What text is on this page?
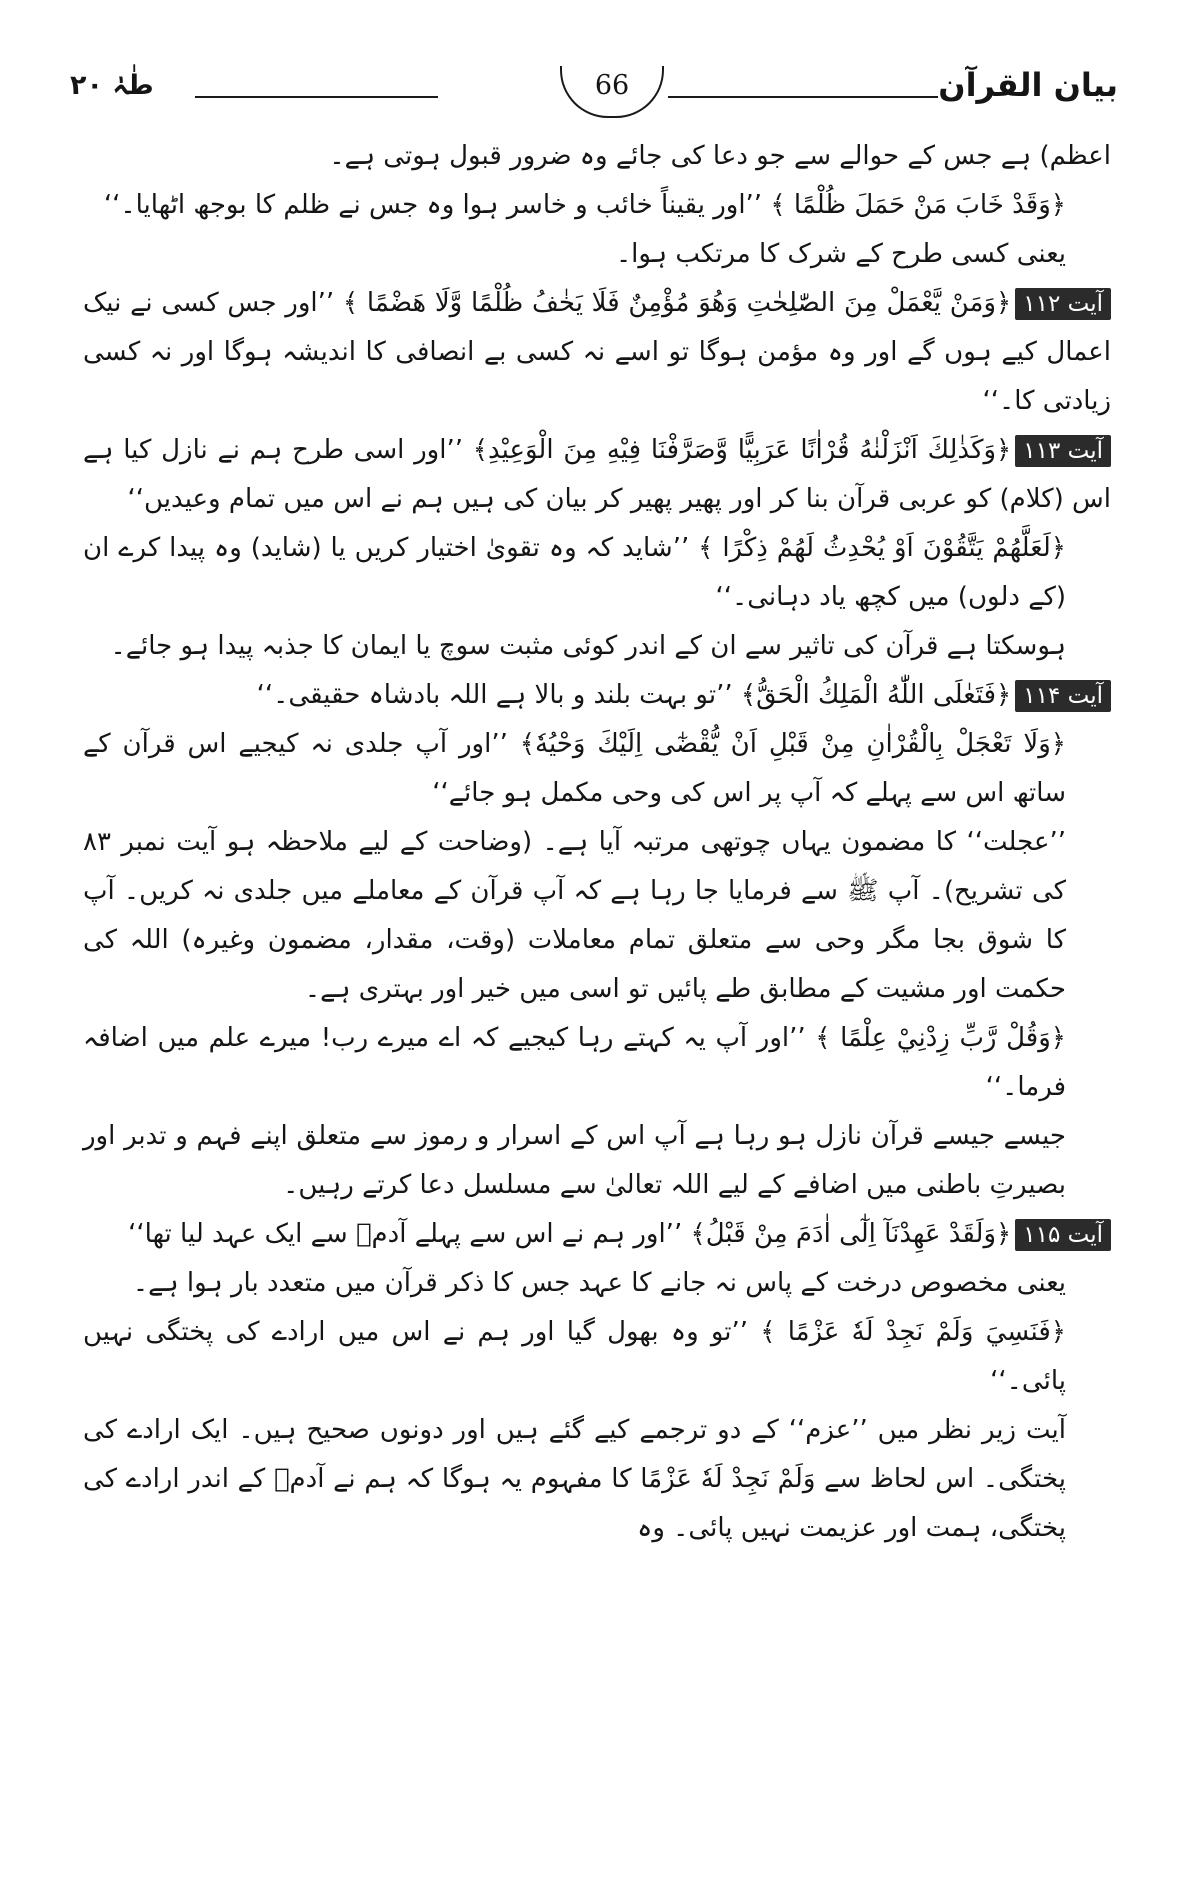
طٰہٰ ۲۰	66	بیان القرآن

اعظم) ہے جس کے حوالے سے جو دعا کی جائے وہ ضرور قبول ہوتی ہے۔

﴿وَقَدْ خَابَ مَنْ حَمَلَ ظُلْمًا ﴾ ’’اور یقیناً خائب و خاسر ہوا وہ جس نے ظلم کا بوجھ اٹھایا۔‘‘

یعنی کسی طرح کے شرک کا مرتکب ہوا۔

آیت ۱۱۲﴿وَمَنْ يَّعْمَلْ مِنَ الصّٰلِحٰتِ وَهُوَ مُؤْمِنٌ فَلَا يَخٰفُ ظُلْمًا وَّلَا هَضْمًا ﴾ ’’اور جس کسی نے نیک اعمال کیے ہوں گے اور وہ مؤمن ہوگا تو اسے نہ کسی بے انصافی کا اندیشہ ہوگا اور نہ کسی زیادتی کا۔‘‘

آیت ۱۱۳﴿وَكَذٰلِكَ اَنْزَلْنٰهُ قُرْاٰنًا عَرَبِيًّا وَّصَرَّفْنَا فِيْهِ مِنَ الْوَعِيْدِ﴾ ’’اور اسی طرح ہم نے نازل کیا ہے اس (کلام) کو عربی قرآن بنا کر اور پھیر پھیر کر بیان کی ہیں ہم نے اس میں تمام وعیدیں‘‘

﴿لَعَلَّهُمْ يَتَّقُوْنَ اَوْ يُحْدِثُ لَهُمْ ذِكْرًا ﴾ ’’شاید کہ وہ تقویٰ اختیار کریں یا (شاید) وہ پیدا کرے ان (کے دلوں) میں کچھ یاد دہانی۔‘‘

ہوسکتا ہے قرآن کی تاثیر سے ان کے اندر کوئی مثبت سوچ یا ایمان کا جذبہ پیدا ہو جائے۔

آیت ۱۱۴﴿فَتَعٰلَى اللّٰهُ الْمَلِكُ الْحَقُّ﴾ ’’تو بہت بلند و بالا ہے اللہ بادشاہ حقیقی۔‘‘

﴿وَلَا تَعْجَلْ بِالْقُرْاٰنِ مِنْ قَبْلِ اَنْ يُّقْضٰٓى اِلَيْكَ وَحْيُهٗ﴾ ’’اور آپ جلدی نہ کیجیے اس قرآن کے ساتھ اس سے پہلے کہ آپ پر اس کی وحی مکمل ہو جائے‘‘

’’عجلت‘‘ کا مضمون یہاں چوتھی مرتبہ آیا ہے۔ (وضاحت کے لیے ملاحظہ ہو آیت نمبر ۸۳ کی تشریح)۔ آپ ﷺ سے فرمایا جا رہا ہے کہ آپ قرآن کے معاملے میں جلدی نہ کریں۔ آپ کا شوق بجا مگر وحی سے متعلق تمام معاملات (وقت، مقدار، مضمون وغیرہ) اللہ کی حکمت اور مشیت کے مطابق طے پائیں تو اسی میں خیر اور بہتری ہے۔

﴿وَقُلْ رَّبِّ زِدْنِيْ عِلْمًا ﴾ ’’اور آپ یہ کہتے رہا کیجیے کہ اے میرے رب! میرے علم میں اضافہ فرما۔‘‘

جیسے جیسے قرآن نازل ہو رہا ہے آپ اس کے اسرار و رموز سے متعلق اپنے فہم و تدبر اور بصیرتِ باطنی میں اضافے کے لیے اللہ تعالیٰ سے مسلسل دعا کرتے رہیں۔

آیت ۱۱۵﴿وَلَقَدْ عَهِدْنَآ اِلٰٓى اٰدَمَ مِنْ قَبْلُ﴾ ’’اور ہم نے اس سے پہلے آدمؑ سے ایک عہد لیا تھا‘‘

یعنی مخصوص درخت کے پاس نہ جانے کا عہد جس کا ذکر قرآن میں متعدد بار ہوا ہے۔

﴿فَنَسِيَ وَلَمْ نَجِدْ لَهٗ عَزْمًا ﴾ ’’تو وہ بھول گیا اور ہم نے اس میں ارادے کی پختگی نہیں پائی۔‘‘

آیت زیر نظر میں ’’عزم‘‘ کے دو ترجمے کیے گئے ہیں اور دونوں صحیح ہیں۔ ایک ارادے کی پختگی۔ اس لحاظ سے وَلَمْ نَجِدْ لَهٗ عَزْمًا کا مفہوم یہ ہوگا کہ ہم نے آدمؑ کے اندر ارادے کی پختگی، ہمت اور عزیمت نہیں پائی۔ وہ
